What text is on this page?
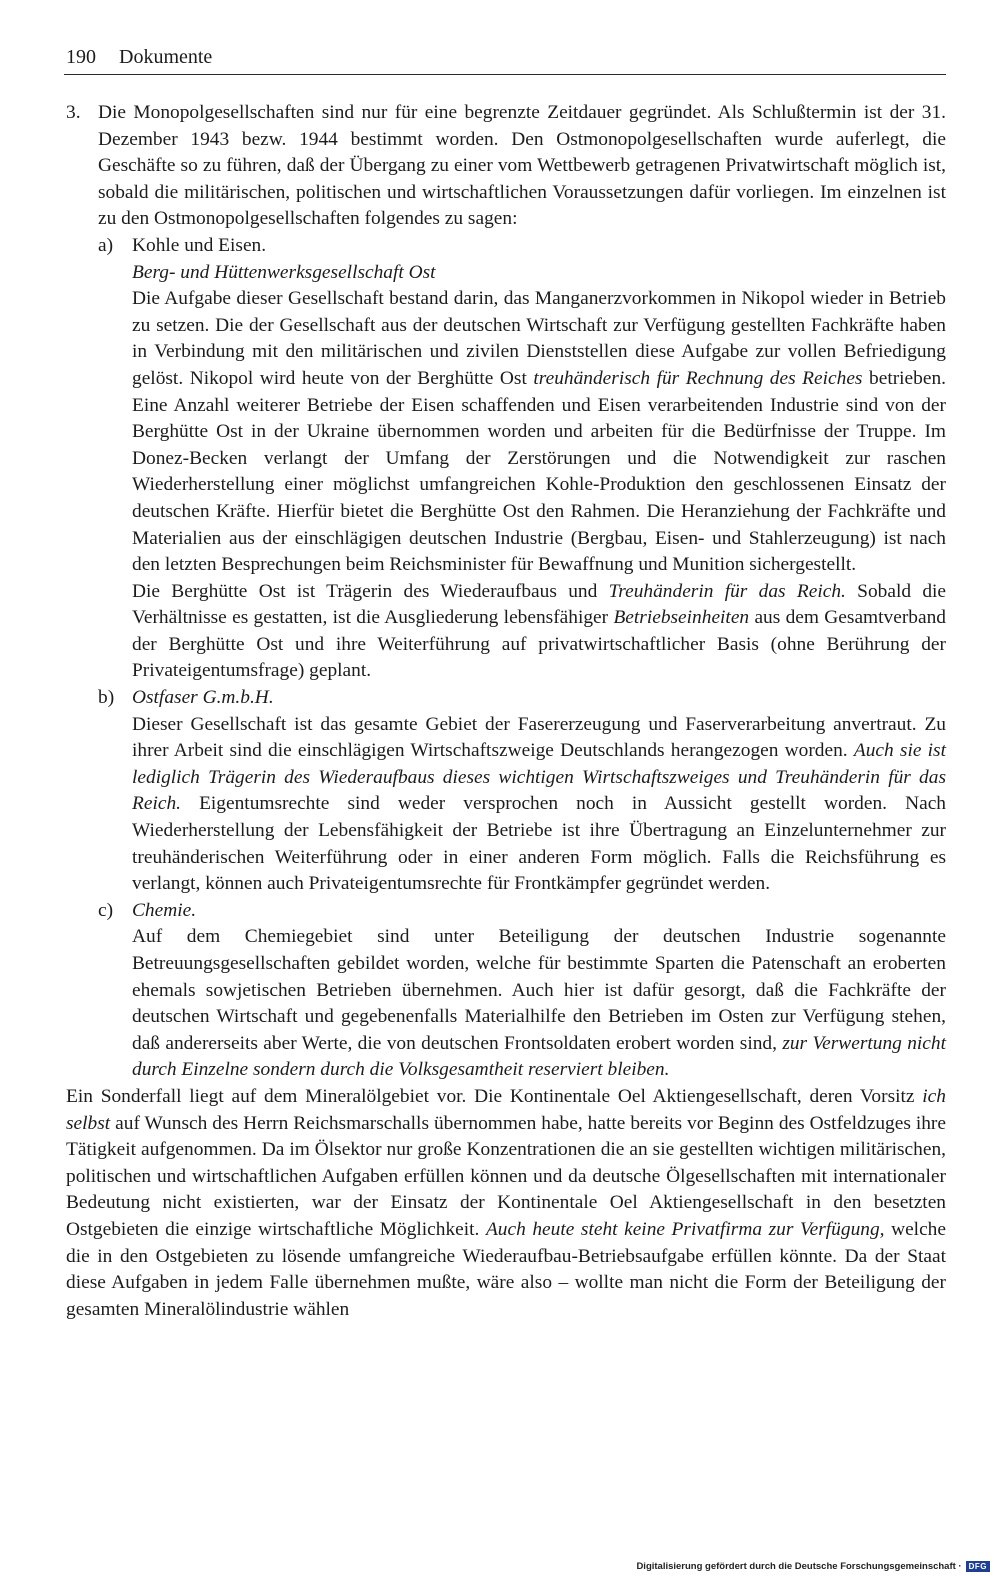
190 Dokumente
3. Die Monopolgesellschaften sind nur für eine begrenzte Zeitdauer gegründet. Als Schlußtermin ist der 31. Dezember 1943 bezw. 1944 bestimmt worden. Den Ostmonopolgesellschaften wurde auferlegt, die Geschäfte so zu führen, daß der Übergang zu einer vom Wettbewerb getragenen Privatwirtschaft möglich ist, sobald die militärischen, politischen und wirtschaftlichen Voraussetzungen dafür vorliegen. Im einzelnen ist zu den Ostmonopolgesellschaften folgendes zu sagen:

a) Kohle und Eisen.

Berg- und Hüttenwerksgesellschaft Ost

Die Aufgabe dieser Gesellschaft bestand darin, das Manganerzvorkommen in Nikopol wieder in Betrieb zu setzen. Die der Gesellschaft aus der deutschen Wirtschaft zur Verfügung gestellten Fachkräfte haben in Verbindung mit den militärischen und zivilen Dienststellen diese Aufgabe zur vollen Befriedigung gelöst. Nikopol wird heute von der Berghütte Ost treuhänderisch für Rechnung des Reiches betrieben. Eine Anzahl weiterer Betriebe der Eisen schaffenden und Eisen verarbeitenden Industrie sind von der Berghütte Ost in der Ukraine übernommen worden und arbeiten für die Bedürfnisse der Truppe. Im Donez-Becken verlangt der Umfang der Zerstörungen und die Notwendigkeit zur raschen Wiederherstellung einer möglichst umfangreichen Kohle-Produktion den geschlossenen Einsatz der deutschen Kräfte. Hierfür bietet die Berghütte Ost den Rahmen. Die Heranziehung der Fachkräfte und Materialien aus der einschlägigen deutschen Industrie (Bergbau, Eisen- und Stahlerzeugung) ist nach den letzten Besprechungen beim Reichsminister für Bewaffnung und Munition sichergestellt.

Die Berghütte Ost ist Trägerin des Wiederaufbaus und Treuhänderin für das Reich. Sobald die Verhältnisse es gestatten, ist die Ausgliederung lebensfähiger Betriebseinheiten aus dem Gesamtverband der Berghütte Ost und ihre Weiterführung auf privatwirtschaftlicher Basis (ohne Berührung der Privateigentumsfrage) geplant.

b) Ostfaser G.m.b.H.

Dieser Gesellschaft ist das gesamte Gebiet der Fasererzeugung und Faserverarbeitung anvertraut. Zu ihrer Arbeit sind die einschlägigen Wirtschaftszweige Deutschlands herangezogen worden. Auch sie ist lediglich Trägerin des Wiederaufbaus dieses wichtigen Wirtschaftszweiges und Treuhänderin für das Reich. Eigentumsrechte sind weder versprochen noch in Aussicht gestellt worden. Nach Wiederherstellung der Lebensfähigkeit der Betriebe ist ihre Übertragung an Einzelunternehmer zur treuhänderischen Weiterführung oder in einer anderen Form möglich. Falls die Reichsführung es verlangt, können auch Privateigentumsrechte für Frontkämpfer gegründet werden.

c) Chemie.

Auf dem Chemiegebiet sind unter Beteiligung der deutschen Industrie sogenannte Betreuungsgesellschaften gebildet worden, welche für bestimmte Sparten die Patenschaft an eroberten ehemals sowjetischen Betrieben übernehmen. Auch hier ist dafür gesorgt, daß die Fachkräfte der deutschen Wirtschaft und gegebenenfalls Materialhilfe den Betrieben im Osten zur Verfügung stehen, daß andererseits aber Werte, die von deutschen Frontsoldaten erobert worden sind, zur Verwertung nicht durch Einzelne sondern durch die Volksgesamtheit reserviert bleiben.

Ein Sonderfall liegt auf dem Mineralölgebiet vor. Die Kontinentale Oel Aktiengesellschaft, deren Vorsitz ich selbst auf Wunsch des Herrn Reichsmarschalls übernommen habe, hatte bereits vor Beginn des Ostfeldzuges ihre Tätigkeit aufgenommen. Da im Ölsektor nur große Konzentrationen die an sie gestellten wichtigen militärischen, politischen und wirtschaftlichen Aufgaben erfüllen können und da deutsche Ölgesellschaften mit internationaler Bedeutung nicht existierten, war der Einsatz der Kontinentale Oel Aktiengesellschaft in den besetzten Ostgebieten die einzige wirtschaftliche Möglichkeit. Auch heute steht keine Privatfirma zur Verfügung, welche die in den Ostgebieten zu lösende umfangreiche Wiederaufbau-Betriebsaufgabe erfüllen könnte. Da der Staat diese Aufgaben in jedem Falle übernehmen mußte, wäre also – wollte man nicht die Form der Beteiligung der gesamten Mineralölindustrie wählen

Digitalisierung gefördert durch die Deutsche Forschungsgemeinschaft · DFG
